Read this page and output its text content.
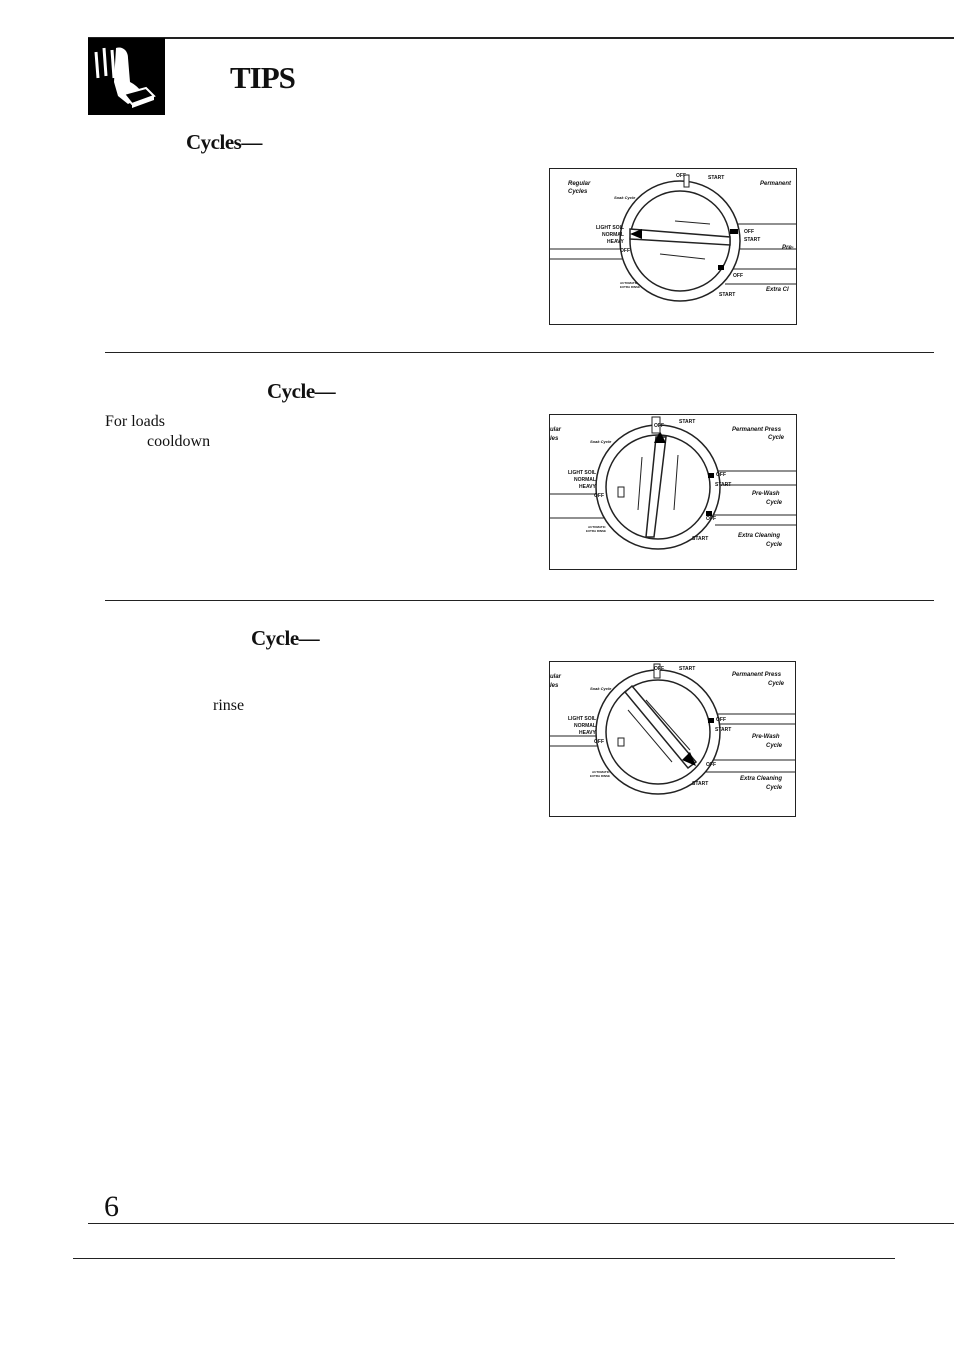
TIPS
Cycles—
Cycle—
For loads
cooldown
Cycle—
rinse
Regular
Cycles
Soak Cycle
LIGHT SOIL
NORMAL
HEAVY
OFF
AUTOMATIC
EXTRA RINSE
OFF	START
OFF
START
OFF
START
Permanent
Pre-
Extra Cl
ular
les	Soak Cycle
LIGHT SOIL
NORMAL
HEAVY
OFF
AUTOMATIC
EXTRA RINSE
OFF
START
OFF
START
OFF
START
Permanent Press
Cycle
Pre-Wash
Cycle
Extra Cleaning
Cycle
ular
les	Soak Cycle
LIGHT SOIL
NORMAL
HEAVY
OFF
AUTOMATIC
EXTRA RINSE
OFF	START
OFF
START
OFF
START
Permanent Press
Cycle
Pre-Wash
Cycle
Extra Cleaning
Cycle
6
